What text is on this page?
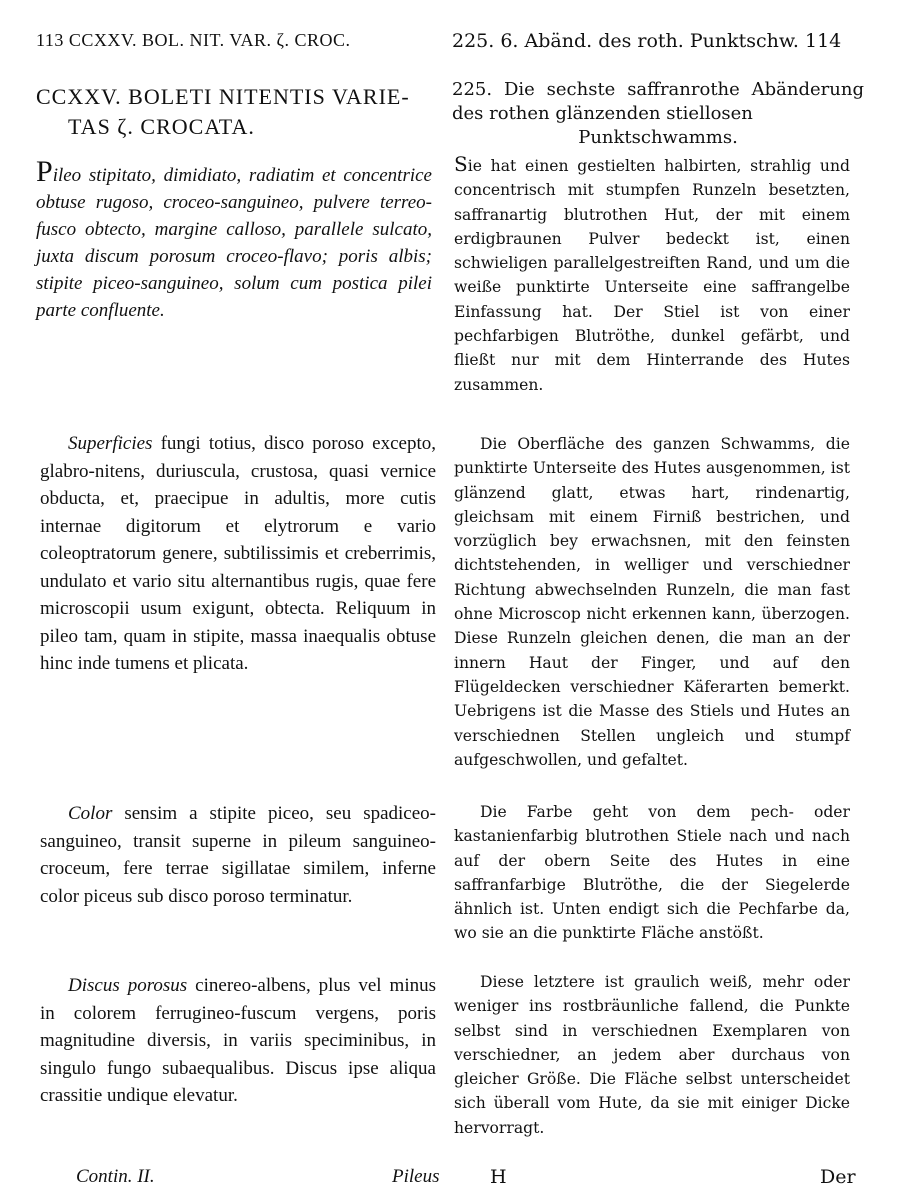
113 CCXXV. BOL. NIT. VAR. ζ. CROC.	225. 6. Abänd. des roth. Punktschw. 114
CCXXV. BOLETI NITENTIS VARIE-
TAS ζ. CROCATA.
Pileo stipitato, dimidiato, radiatim et concentrice obtuse rugoso, croceo-sanguineo, pulvere terreo-fusco obtecto, margine calloso, parallele sulcato, juxta discum porosum croceo-flavo; poris albis; stipite piceo-sanguineo, solum cum postica pilei parte confluente.
Superficies fungi totius, disco poroso excepto, glabro-nitens, duriuscula, crustosa, quasi vernice obducta, et, praecipue in adultis, more cutis internae digitorum et elytrorum e vario coleoptratorum genere, subtilissimis et creberrimis, undulato et vario situ alternantibus rugis, quae fere microscopii usum exigunt, obtecta. Reliquum in pileo tam, quam in stipite, massa inaequalis obtuse hinc inde tumens et plicata.
Color sensim a stipite piceo, seu spadiceo-sanguineo, transit superne in pileum sanguineo-croceum, fere terrae sigillatae similem, inferne color piceus sub disco poroso terminatur.
Discus porosus cinereo-albens, plus vel minus in colorem ferrugineo-fuscum vergens, poris magnitudine diversis, in variis speciminibus, in singulo fungo subaequalibus. Discus ipse aliqua crassitie undique elevatur.
225. Die sechste saffranrothe Abänderung des rothen glänzenden stiellosen
Punktschwamms.
Sie hat einen gestielten halbirten, strahlig und concentrisch mit stumpfen Runzeln besetzten, saffranartig blutrothen Hut, der mit einem erdigbraunen Pulver bedeckt ist, einen schwieligen parallelgestreiften Rand, und um die weiße punktirte Unterseite eine saffrangelbe Einfassung hat. Der Stiel ist von einer pechfarbigen Blutröthe, dunkel gefärbt, und fließt nur mit dem Hinterrande des Hutes zusammen.
Die Oberfläche des ganzen Schwamms, die punktirte Unterseite des Hutes ausgenommen, ist glänzend glatt, etwas hart, rindenartig, gleichsam mit einem Firniß bestrichen, und vorzüglich bey erwachsnen, mit den feinsten dichtstehenden, in welliger und verschiedner Richtung abwechselnden Runzeln, die man fast ohne Microscop nicht erkennen kann, überzogen. Diese Runzeln gleichen denen, die man an der innern Haut der Finger, und auf den Flügeldecken verschiedner Käferarten bemerkt. Uebrigens ist die Masse des Stiels und Hutes an verschiednen Stellen ungleich und stumpf aufgeschwollen, und gefaltet.
Die Farbe geht von dem pech- oder kastanienfarbig blutrothen Stiele nach und nach auf der obern Seite des Hutes in eine saffranfarbige Blutröthe, die der Siegelerde ähnlich ist. Unten endigt sich die Pechfarbe da, wo sie an die punktirte Fläche anstößt.
Diese letztere ist graulich weiß, mehr oder weniger ins rostbräunliche fallend, die Punkte selbst sind in verschiednen Exemplaren von verschiedner, an jedem aber durchaus von gleicher Größe. Die Fläche selbst unterscheidet sich überall vom Hute, da sie mit einiger Dicke hervorragt.
Contin. II.	Pileus	H	Der
